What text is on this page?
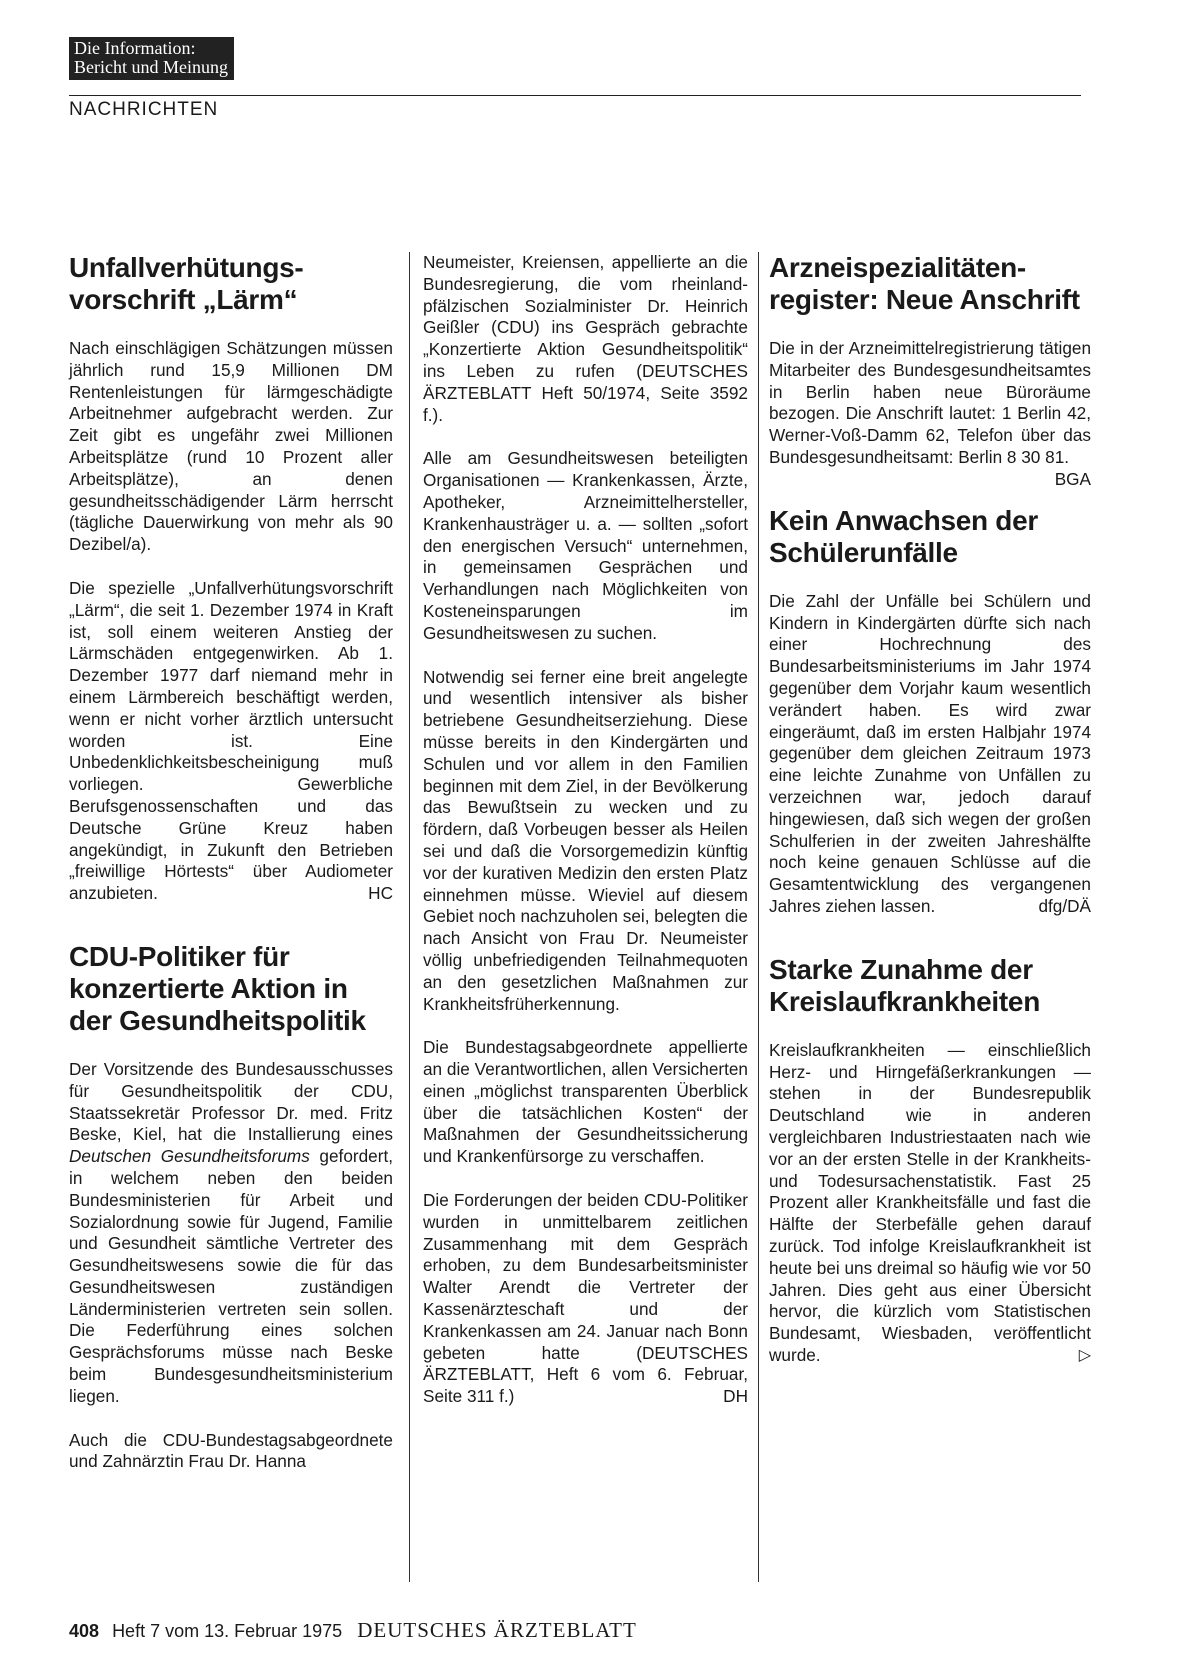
Die Information:
Bericht und Meinung
NACHRICHTEN
Unfallverhütungs- vorschrift „Lärm“

Nach einschlägigen Schätzungen müssen jährlich rund 15,9 Millionen DM Rentenleistungen für lärmgeschädigte Arbeitnehmer aufgebracht werden. Zur Zeit gibt es ungefähr zwei Millionen Arbeitsplätze (rund 10 Prozent aller Arbeitsplätze), an denen gesundheitsschädigender Lärm herrscht (tägliche Dauerwirkung von mehr als 90 Dezibel/a).

Die spezielle „Unfallverhütungsvorschrift „Lärm“, die seit 1. Dezember 1974 in Kraft ist, soll einem weiteren Anstieg der Lärmschäden entgegenwirken. Ab 1. Dezember 1977 darf niemand mehr in einem Lärmbereich beschäftigt werden, wenn er nicht vorher ärztlich untersucht worden ist. Eine Unbedenklichkeitsbescheinigung muß vorliegen. Gewerbliche Berufsgenossenschaften und das Deutsche Grüne Kreuz haben angekündigt, in Zukunft den Betrieben „freiwillige Hörtests“ über Audiometer anzubieten.	HC

CDU-Politiker für konzertierte Aktion in der Gesundheitspolitik

Der Vorsitzende des Bundesausschusses für Gesundheitspolitik der CDU, Staatssekretär Professor Dr. med. Fritz Beske, Kiel, hat die Installierung eines Deutschen Gesundheitsforums gefordert, in welchem neben den beiden Bundesministerien für Arbeit und Sozialordnung sowie für Jugend, Familie und Gesundheit sämtliche Vertreter des Gesundheitswesens sowie die für das Gesundheitswesen zuständigen Länderministerien vertreten sein sollen. Die Federführung eines solchen Gesprächsforums müsse nach Beske beim Bundesgesundheitsministerium liegen.

Auch die CDU-Bundestagsabgeordnete und Zahnärztin Frau Dr. Hanna

Neumeister, Kreiensen, appellierte an die Bundesregierung, die vom rheinland-pfälzischen Sozialminister Dr. Heinrich Geißler (CDU) ins Gespräch gebrachte „Konzertierte Aktion Gesundheitspolitik“ ins Leben zu rufen (DEUTSCHES ÄRZTEBLATT Heft 50/1974, Seite 3592 f.).

Alle am Gesundheitswesen beteiligten Organisationen — Krankenkassen, Ärzte, Apotheker, Arzneimittelhersteller, Krankenhausträger u. a. — sollten „sofort den energischen Versuch“ unternehmen, in gemeinsamen Gesprächen und Verhandlungen nach Möglichkeiten von Kosteneinsparungen im Gesundheitswesen zu suchen.

Notwendig sei ferner eine breit angelegte und wesentlich intensiver als bisher betriebene Gesundheitserziehung. Diese müsse bereits in den Kindergärten und Schulen und vor allem in den Familien beginnen mit dem Ziel, in der Bevölkerung das Bewußtsein zu wecken und zu fördern, daß Vorbeugen besser als Heilen sei und daß die Vorsorgemedizin künftig vor der kurativen Medizin den ersten Platz einnehmen müsse. Wieviel auf diesem Gebiet noch nachzuholen sei, belegten die nach Ansicht von Frau Dr. Neumeister völlig unbefriedigenden Teilnahmequoten an den gesetzlichen Maßnahmen zur Krankheitsfrüherkennung.

Die Bundestagsabgeordnete appellierte an die Verantwortlichen, allen Versicherten einen „möglichst transparenten Überblick über die tatsächlichen Kosten“ der Maßnahmen der Gesundheitssicherung und Krankenfürsorge zu verschaffen.

Die Forderungen der beiden CDU-Politiker wurden in unmittelbarem zeitlichen Zusammenhang mit dem Gespräch erhoben, zu dem Bundesarbeitsminister Walter Arendt die Vertreter der Kassenärzteschaft und der Krankenkassen am 24. Januar nach Bonn gebeten hatte (DEUTSCHES ÄRZTEBLATT, Heft 6 vom 6. Februar, Seite 311 f.)	DH

Arzneispezialitäten- register: Neue Anschrift

Die in der Arzneimittelregistrierung tätigen Mitarbeiter des Bundesgesundheitsamtes in Berlin haben neue Büroräume bezogen. Die Anschrift lautet: 1 Berlin 42, Werner-Voß-Damm 62, Telefon über das Bundesgesundheitsamt: Berlin 8 30 81.
BGA

Kein Anwachsen der Schülerunfälle

Die Zahl der Unfälle bei Schülern und Kindern in Kindergärten dürfte sich nach einer Hochrechnung des Bundesarbeitsministeriums im Jahr 1974 gegenüber dem Vorjahr kaum wesentlich verändert haben. Es wird zwar eingeräumt, daß im ersten Halbjahr 1974 gegenüber dem gleichen Zeitraum 1973 eine leichte Zunahme von Unfällen zu verzeichnen war, jedoch darauf hingewiesen, daß sich wegen der großen Schulferien in der zweiten Jahreshälfte noch keine genauen Schlüsse auf die Gesamtentwicklung des vergangenen Jahres ziehen lassen.	dfg/DÄ

Starke Zunahme der Kreislaufkrankheiten

Kreislaufkrankheiten — einschließlich Herz- und Hirngefäßerkrankungen — stehen in der Bundesrepublik Deutschland wie in anderen vergleichbaren Industriestaaten nach wie vor an der ersten Stelle in der Krankheits- und Todesursachenstatistik. Fast 25 Prozent aller Krankheitsfälle und fast die Hälfte der Sterbefälle gehen darauf zurück. Tod infolge Kreislaufkrankheit ist heute bei uns dreimal so häufig wie vor 50 Jahren. Dies geht aus einer Übersicht hervor, die kürzlich vom Statistischen Bundesamt, Wiesbaden, veröffentlicht wurde.	▷

408 Heft 7 vom 13. Februar 1975 DEUTSCHES ÄRZTEBLATT
